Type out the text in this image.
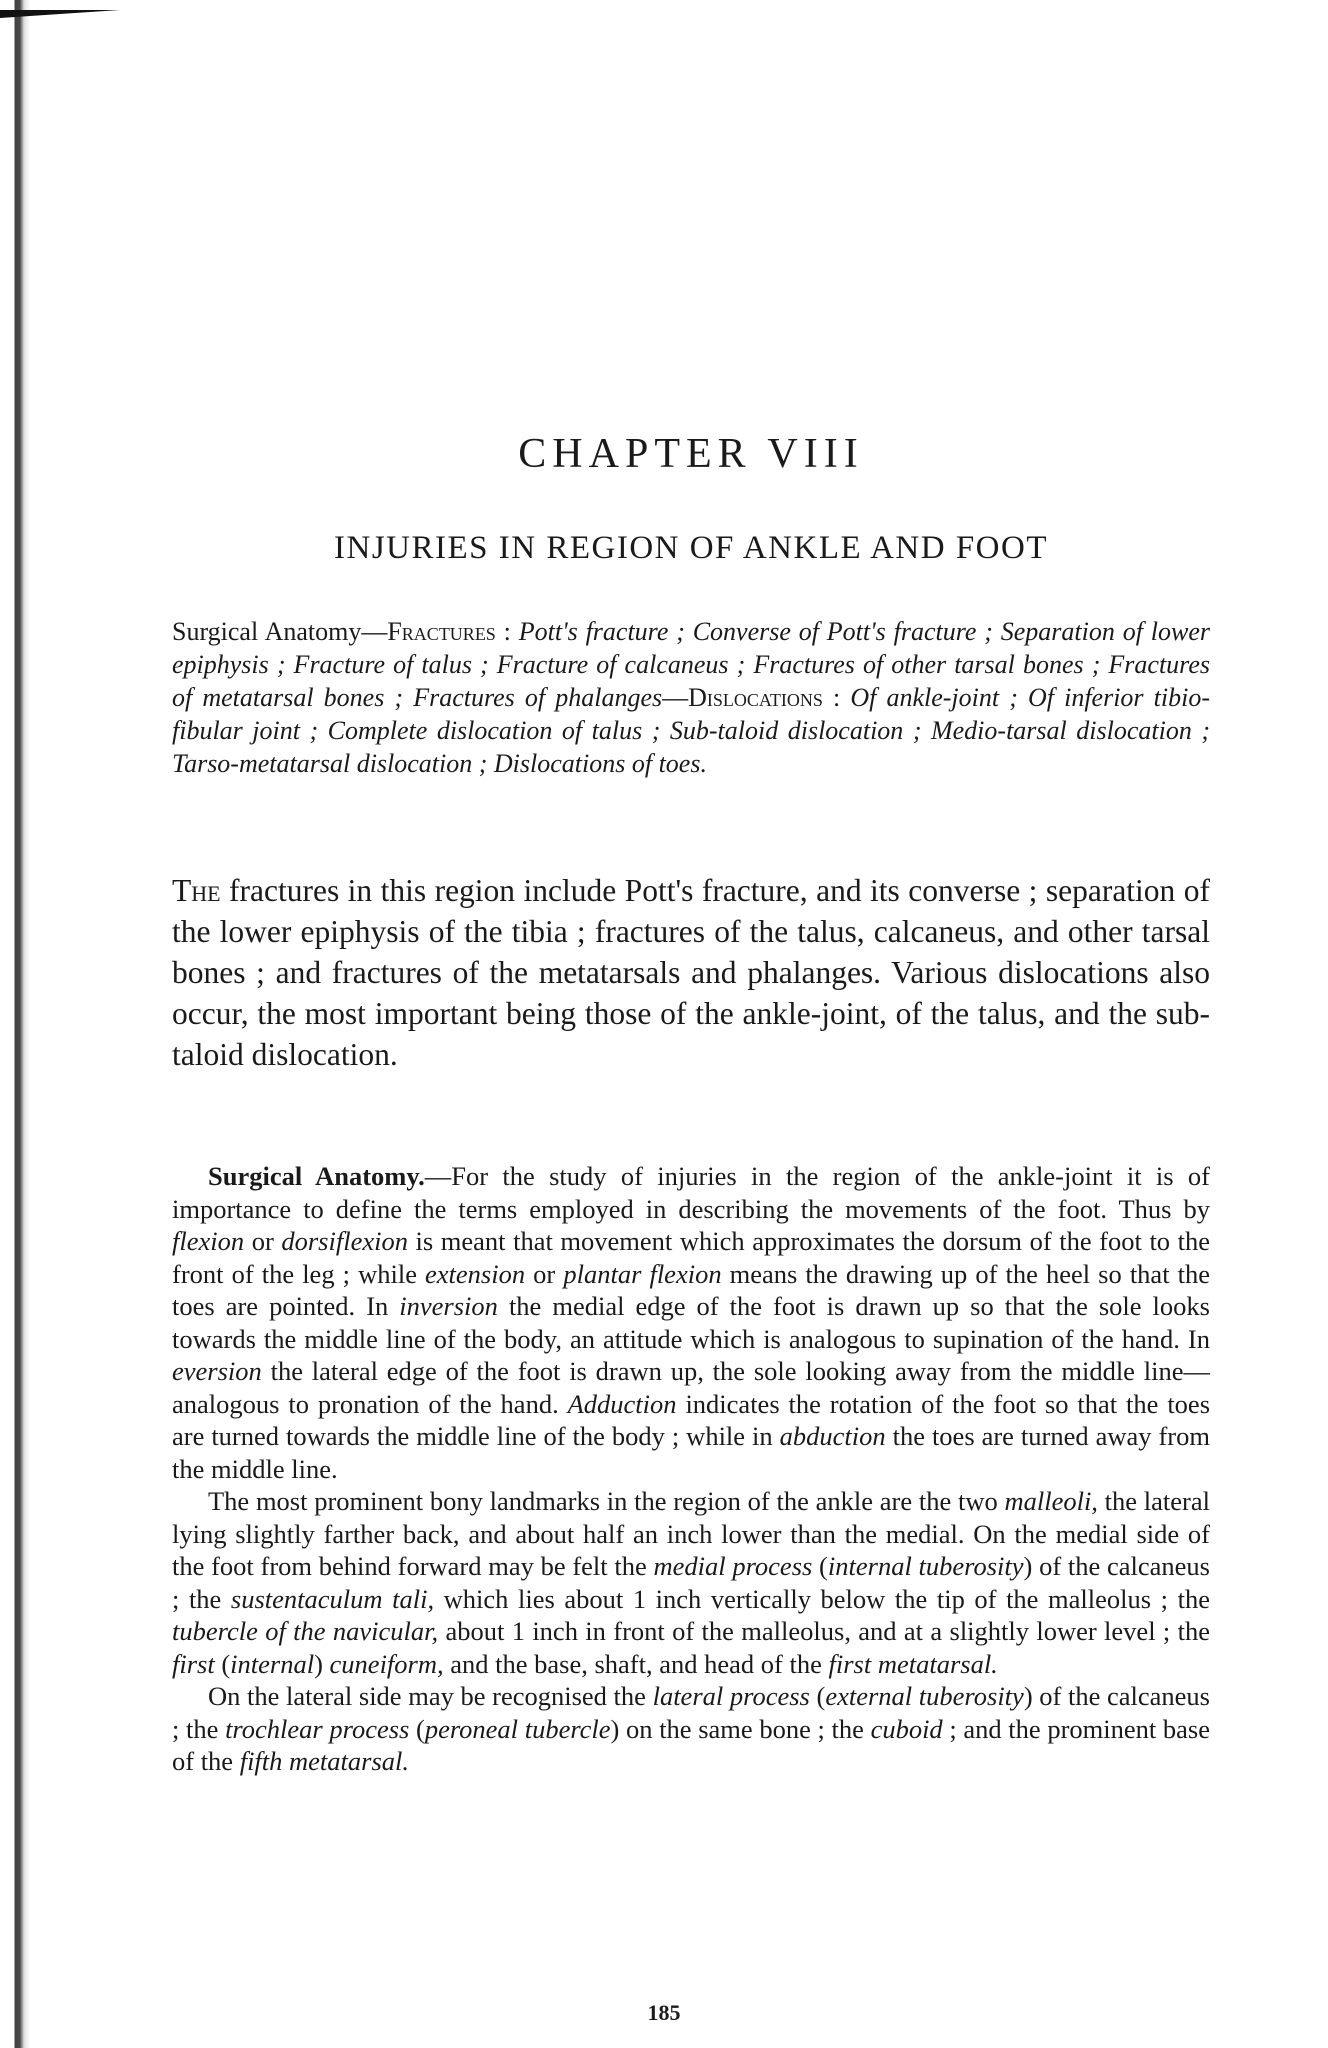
CHAPTER VIII
INJURIES IN REGION OF ANKLE AND FOOT

Surgical Anatomy—Fractures : Pott's fracture ; Converse of Pott's fracture ; Separation of lower epiphysis ; Fracture of talus ; Fracture of calcaneus ; Fractures of other tarsal bones ; Fractures of metatarsal bones ; Fractures of phalanges—Dislocations : Of ankle-joint ; Of inferior tibio-fibular joint ; Complete dislocation of talus ; Sub-taloid dislocation ; Medio-tarsal dislocation ; Tarso-metatarsal dislocation ; Dislocations of toes.

The fractures in this region include Pott's fracture, and its converse ; separation of the lower epiphysis of the tibia ; fractures of the talus, calcaneus, and other tarsal bones ; and fractures of the metatarsals and phalanges. Various dislocations also occur, the most important being those of the ankle-joint, of the talus, and the sub-taloid dislocation.

Surgical Anatomy.—For the study of injuries in the region of the ankle-joint it is of importance to define the terms employed in describing the movements of the foot. Thus by flexion or dorsiflexion is meant that movement which approximates the dorsum of the foot to the front of the leg ; while extension or plantar flexion means the drawing up of the heel so that the toes are pointed. In inversion the medial edge of the foot is drawn up so that the sole looks towards the middle line of the body, an attitude which is analogous to supination of the hand. In eversion the lateral edge of the foot is drawn up, the sole looking away from the middle line—analogous to pronation of the hand. Adduction indicates the rotation of the foot so that the toes are turned towards the middle line of the body ; while in abduction the toes are turned away from the middle line.

The most prominent bony landmarks in the region of the ankle are the two malleoli, the lateral lying slightly farther back, and about half an inch lower than the medial. On the medial side of the foot from behind forward may be felt the medial process (internal tuberosity) of the calcaneus ; the sustentaculum tali, which lies about 1 inch vertically below the tip of the malleolus ; the tubercle of the navicular, about 1 inch in front of the malleolus, and at a slightly lower level ; the first (internal) cuneiform, and the base, shaft, and head of the first metatarsal.

On the lateral side may be recognised the lateral process (external tuberosity) of the calcaneus ; the trochlear process (peroneal tubercle) on the same bone ; the cuboid ; and the prominent base of the fifth metatarsal.

185
